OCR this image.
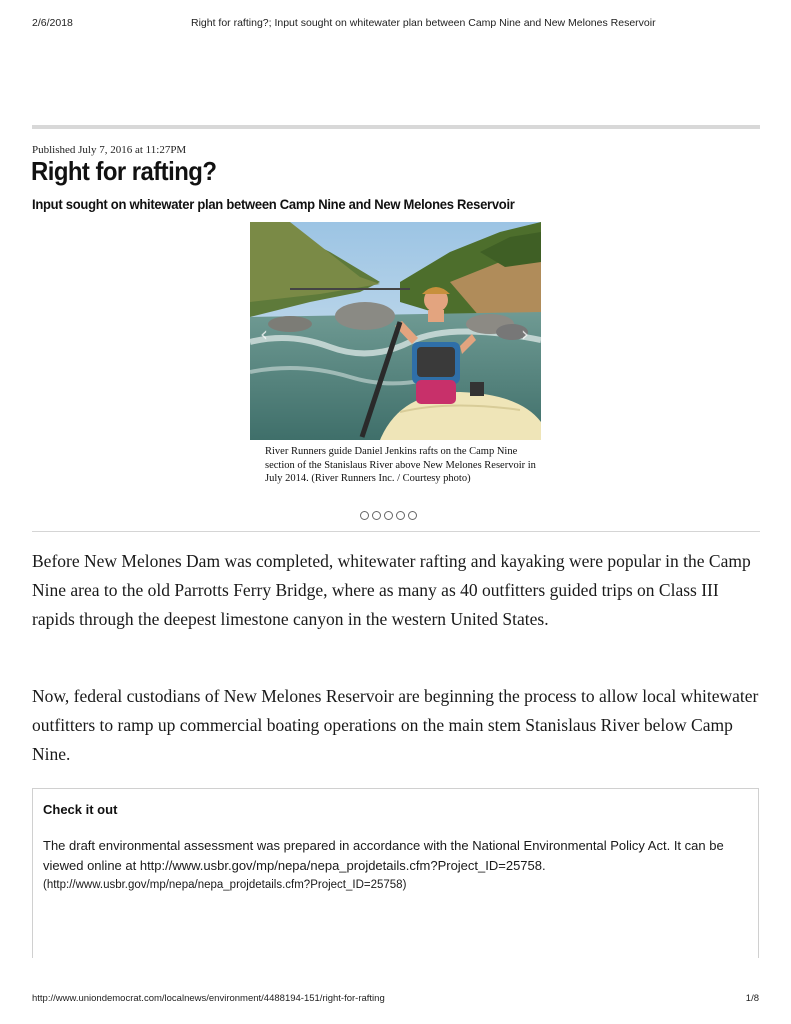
2/6/2018	Right for rafting?; Input sought on whitewater plan between Camp Nine and New Melones Reservoir
Published July 7, 2016 at 11:27PM
Right for rafting?
Input sought on whitewater plan between Camp Nine and New Melones Reservoir
‹	›
River Runners guide Daniel Jenkins rafts on the Camp Nine section of the Stanislaus River above New Melones Reservoir in July 2014. (River Runners Inc. / Courtesy photo)

Before New Melones Dam was completed, whitewater rafting and kayaking were popular in the Camp Nine area to the old Parrotts Ferry Bridge, where as many as 40 outfitters guided trips on Class III rapids through the deepest limestone canyon in the western United States.

Now, federal custodians of New Melones Reservoir are beginning the process to allow local whitewater outfitters to ramp up commercial boating operations on the main stem Stanislaus River below Camp Nine.

Check it out
The draft environmental assessment was prepared in accordance with the National Environmental Policy Act. It can be viewed online at http://www.usbr.gov/mp/nepa/nepa_projdetails.cfm?Project_ID=25758.
(http://www.usbr.gov/mp/nepa/nepa_projdetails.cfm?Project_ID=25758)
http://www.uniondemocrat.com/localnews/environment/4488194-151/right-for-rafting	1/8
